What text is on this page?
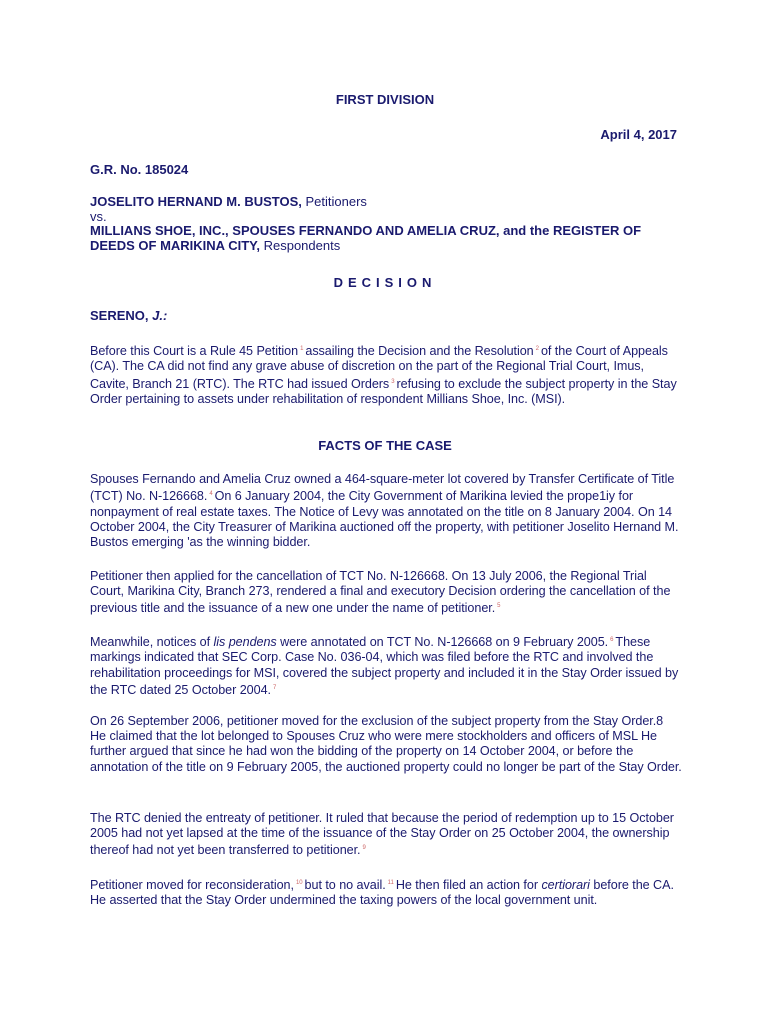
FIRST DIVISION
April 4, 2017
G.R. No. 185024
JOSELITO HERNAND M. BUSTOS, Petitioners
vs.
MILLIANS SHOE, INC., SPOUSES FERNANDO AND AMELIA CRUZ, and the REGISTER OF DEEDS OF MARIKINA CITY, Respondents
DECISION
SERENO, J.:
Before this Court is a Rule 45 Petition $^1$ assailing the Decision and the Resolution $^2$ of the Court of Appeals (CA). The CA did not find any grave abuse of discretion on the part of the Regional Trial Court, Imus, Cavite, Branch 21 (RTC). The RTC had issued Orders $^3$ refusing to exclude the subject property in the Stay Order pertaining to assets under rehabilitation of respondent Millians Shoe, Inc. (MSI).
FACTS OF THE CASE
Spouses Fernando and Amelia Cruz owned a 464-square-meter lot covered by Transfer Certificate of Title (TCT) No. N-126668. $^4$ On 6 January 2004, the City Government of Marikina levied the prope1iy for nonpayment of real estate taxes. The Notice of Levy was annotated on the title on 8 January 2004. On 14 October 2004, the City Treasurer of Marikina auctioned off the property, with petitioner Joselito Hernand M. Bustos emerging 'as the winning bidder.
Petitioner then applied for the cancellation of TCT No. N-126668. On 13 July 2006, the Regional Trial Court, Marikina City, Branch 273, rendered a final and executory Decision ordering the cancellation of the previous title and the issuance of a new one under the name of petitioner. $^5$
Meanwhile, notices of lis pendens were annotated on TCT No. N-126668 on 9 February 2005. $^6$ These markings indicated that SEC Corp. Case No. 036-04, which was filed before the RTC and involved the rehabilitation proceedings for MSI, covered the subject property and included it in the Stay Order issued by the RTC dated 25 October 2004. $^7$
On 26 September 2006, petitioner moved for the exclusion of the subject property from the Stay Order.8 He claimed that the lot belonged to Spouses Cruz who were mere stockholders and officers of MSL He further argued that since he had won the bidding of the property on 14 October 2004, or before the annotation of the title on 9 February 2005, the auctioned property could no longer be part of the Stay Order.
The RTC denied the entreaty of petitioner. It ruled that because the period of redemption up to 15 October 2005 had not yet lapsed at the time of the issuance of the Stay Order on 25 October 2004, the ownership thereof had not yet been transferred to petitioner. $^9$
Petitioner moved for reconsideration, $^{10}$ but to no avail. $^{11}$ He then filed an action for certiorari before the CA. He asserted that the Stay Order undermined the taxing powers of the local government unit.
